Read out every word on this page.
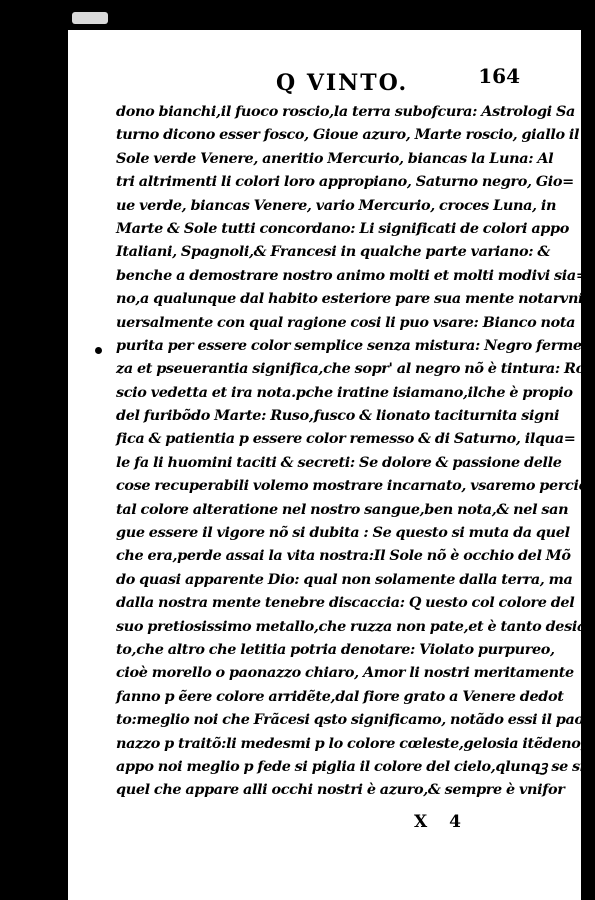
Q VINTO.	164
dono bianchi,il fuoco roscio,la terra subofcura: Astrologi Sa
turno dicono esser fosco, Gioue azuro, Marte roscio, giallo il
Sole verde Venere, aneritio Mercurio, biancas la Luna: Al
tri altrimenti li colori loro appropiano, Saturno negro, Gio=
ue verde, biancas Venere, vario Mercurio, croces Luna, in
Marte & Sole tutti concordano: Li significati de colori appo
Italiani, Spagnoli,& Francesi in qualche parte variano: &
benche a demostrare nostro animo molti et molti modivi sia=
no,a qualunque dal habito esteriore pare sua mente notarvni
uersalmente con qual ragione cosi li puo vsare: Bianco nota
purita per essere color semplice senza mistura: Negro fermez
za et pseuerantia significa,che sopr' al negro nõ è tintura: Ro
scio vedetta et ira nota.pche iratine isiamano,ilche è propio
del furibõdo Marte: Ruso,fusco & lionato taciturnita signi
fica & patientia p essere color remesso & di Saturno, ilqua=
le fa li huomini taciti & secreti: Se dolore & passione delle
cose recuperabili volemo mostrare incarnato, vsaremo percio
tal colore alteratione nel nostro sangue,ben nota,& nel san
gue essere il vigore nõ si dubita : Se questo si muta da quel
che era,perde assai la vita nostra:Il Sole nõ è occhio del Mõ
do quasi apparente Dio: qual non solamente dalla terra, ma
dalla nostra mente tenebre discaccia: Q uesto col colore del
suo pretiosissimo metallo,che ruzza non pate,et è tanto desia
to,che altro che letitia potria denotare: Violato purpureo,
cioè morello o paonazzo chiaro, Amor li nostri meritamente
fanno p ẽere colore arridẽte,dal fiore grato a Venere dedot
to:meglio noi che Frãcesi qsto significamo, notãdo essi il pao=
nazzo p traitõ:li medesmi p lo colore cœleste,gelosia itẽdeno,
appo noi meglio p fede si piglia il colore del cielo,qlunqꝫ se sia
quel che appare alli occhi nostri è azuro,& sempre è vnifor
X 4
